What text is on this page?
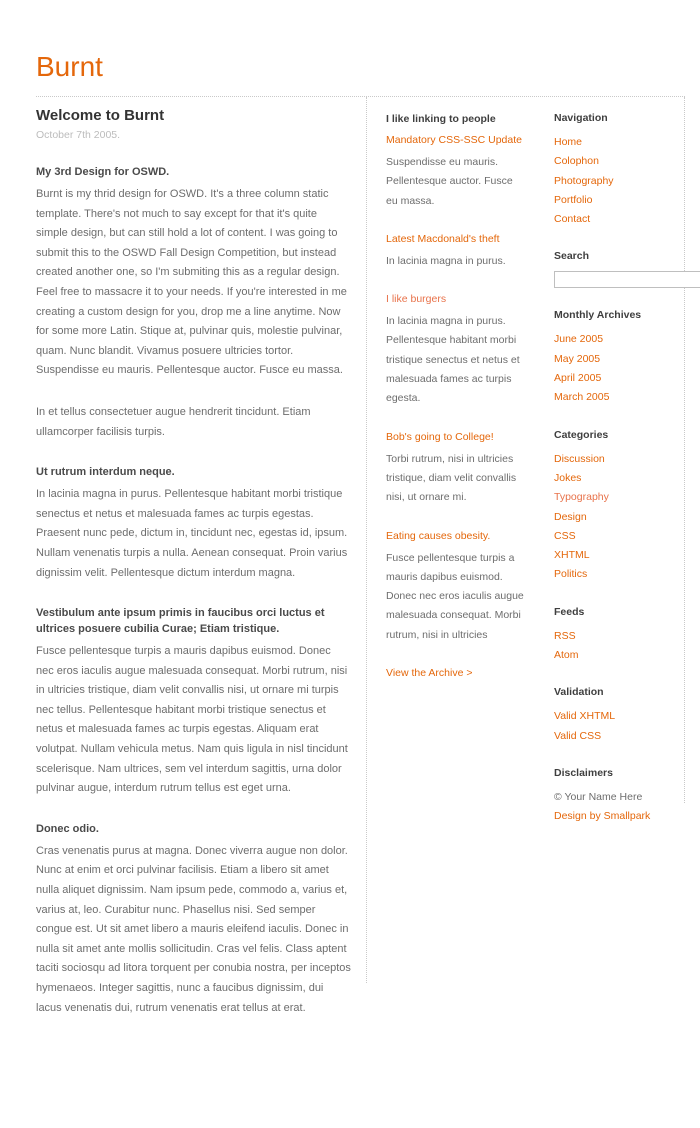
Burnt
Welcome to Burnt
October 7th 2005.
My 3rd Design for OSWD.

Burnt is my thrid design for OSWD. It's a three column static template. There's not much to say except for that it's quite simple design, but can still hold a lot of content. I was going to submit this to the OSWD Fall Design Competition, but instead created another one, so I'm submiting this as a regular design. Feel free to massacre it to your needs. If you're interested in me creating a custom design for you, drop me a line anytime. Now for some more Latin. Stique at, pulvinar quis, molestie pulvinar, quam. Nunc blandit. Vivamus posuere ultricies tortor. Suspendisse eu mauris. Pellentesque auctor. Fusce eu massa.

In et tellus consectetuer augue hendrerit tincidunt. Etiam ullamcorper facilisis turpis.

Ut rutrum interdum neque.

In lacinia magna in purus. Pellentesque habitant morbi tristique senectus et netus et malesuada fames ac turpis egestas. Praesent nunc pede, dictum in, tincidunt nec, egestas id, ipsum. Nullam venenatis turpis a nulla. Aenean consequat. Proin varius dignissim velit. Pellentesque dictum interdum magna.

Vestibulum ante ipsum primis in faucibus orci luctus et ultrices posuere cubilia Curae; Etiam tristique.

Fusce pellentesque turpis a mauris dapibus euismod. Donec nec eros iaculis augue malesuada consequat. Morbi rutrum, nisi in ultricies tristique, diam velit convallis nisi, ut ornare mi turpis nec tellus. Pellentesque habitant morbi tristique senectus et netus et malesuada fames ac turpis egestas. Aliquam erat volutpat. Nullam vehicula metus. Nam quis ligula in nisl tincidunt scelerisque. Nam ultrices, sem vel interdum sagittis, urna dolor pulvinar augue, interdum rutrum tellus est eget urna.

Donec odio.

Cras venenatis purus at magna. Donec viverra augue non dolor. Nunc at enim et orci pulvinar facilisis. Etiam a libero sit amet nulla aliquet dignissim. Nam ipsum pede, commodo a, varius et, varius at, leo. Curabitur nunc. Phasellus nisi. Sed semper congue est. Ut sit amet libero a mauris eleifend iaculis. Donec in nulla sit amet ante mollis sollicitudin. Cras vel felis. Class aptent taciti sociosqu ad litora torquent per conubia nostra, per inceptos hymenaeos. Integer sagittis, nunc a faucibus dignissim, dui lacus venenatis dui, rutrum venenatis erat tellus at erat.

I like linking to people
Mandatory CSS-SSC Update

Suspendisse eu mauris. Pellentesque auctor. Fusce eu massa.

Latest Macdonald's theft

In lacinia magna in purus.

I like burgers

In lacinia magna in purus. Pellentesque habitant morbi tristique senectus et netus et malesuada fames ac turpis egesta.

Bob's going to College!

Torbi rutrum, nisi in ultricies tristique, diam velit convallis nisi, ut ornare mi.

Eating causes obesity.

Fusce pellentesque turpis a mauris dapibus euismod. Donec nec eros iaculis augue malesuada consequat. Morbi rutrum, nisi in ultricies

View the Archive >
Navigation
Home
Colophon
Photography
Portfolio
Contact
Search
Monthly Archives
June 2005
May 2005
April 2005
March 2005
Categories
Discussion
Jokes
Typography
Design
CSS
XHTML
Politics
Feeds
RSS
Atom
Validation
Valid XHTML
Valid CSS
Disclaimers
© Your Name Here
Design by Smallpark
